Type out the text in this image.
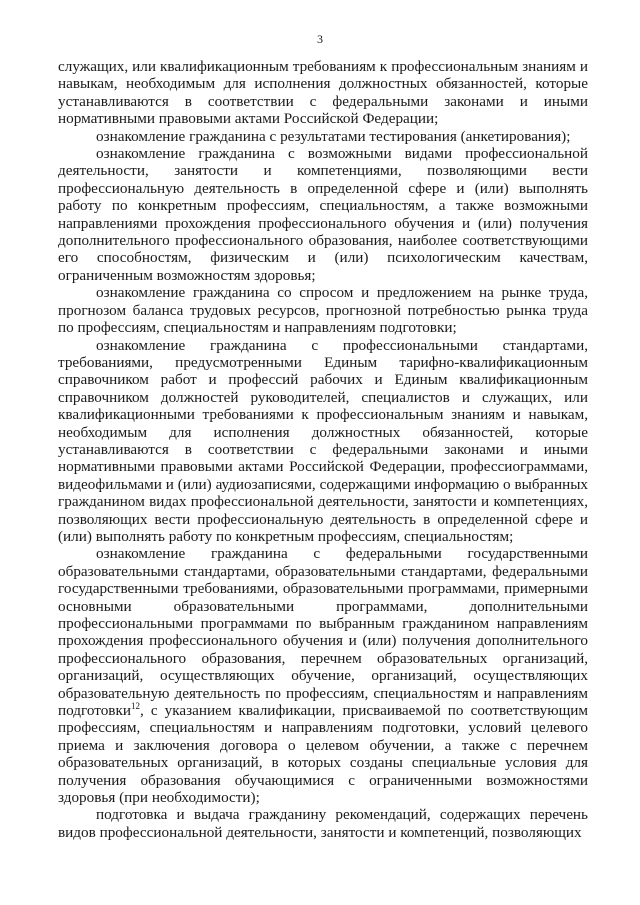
3

служащих, или квалификационным требованиям к профессиональным знаниям и навыкам, необходимым для исполнения должностных обязанностей, которые устанавливаются в соответствии с федеральными законами и иными нормативными правовыми актами Российской Федерации;

ознакомление гражданина с результатами тестирования (анкетирования);

ознакомление гражданина с возможными видами профессиональной деятельности, занятости и компетенциями, позволяющими вести профессиональную деятельность в определенной сфере и (или) выполнять работу по конкретным профессиям, специальностям, а также возможными направлениями прохождения профессионального обучения и (или) получения дополнительного профессионального образования, наиболее соответствующими его способностям, физическим и (или) психологическим качествам, ограниченным возможностям здоровья;

ознакомление гражданина со спросом и предложением на рынке труда, прогнозом баланса трудовых ресурсов, прогнозной потребностью рынка труда по профессиям, специальностям и направлениям подготовки;

ознакомление гражданина с профессиональными стандартами, требованиями, предусмотренными Единым тарифно-квалификационным справочником работ и профессий рабочих и Единым квалификационным справочником должностей руководителей, специалистов и служащих, или квалификационными требованиями к профессиональным знаниям и навыкам, необходимым для исполнения должностных обязанностей, которые устанавливаются в соответствии с федеральными законами и иными нормативными правовыми актами Российской Федерации, профессиограммами, видеофильмами и (или) аудиозаписями, содержащими информацию о выбранных гражданином видах профессиональной деятельности, занятости и компетенциях, позволяющих вести профессиональную деятельность в определенной сфере и (или) выполнять работу по конкретным профессиям, специальностям;

ознакомление гражданина с федеральными государственными образовательными стандартами, образовательными стандартами, федеральными государственными требованиями, образовательными программами, примерными основными образовательными программами, дополнительными профессиональными программами по выбранным гражданином направлениям прохождения профессионального обучения и (или) получения дополнительного профессионального образования, перечнем образовательных организаций, организаций, осуществляющих обучение, организаций, осуществляющих образовательную деятельность по профессиям, специальностям и направлениям подготовки$^{12}$, с указанием квалификации, присваиваемой по соответствующим профессиям, специальностям и направлениям подготовки, условий целевого приема и заключения договора о целевом обучении, а также с перечнем образовательных организаций, в которых созданы специальные условия для получения образования обучающимися с ограниченными возможностями здоровья (при необходимости);

подготовка и выдача гражданину рекомендаций, содержащих перечень видов профессиональной деятельности, занятости и компетенций, позволяющих
